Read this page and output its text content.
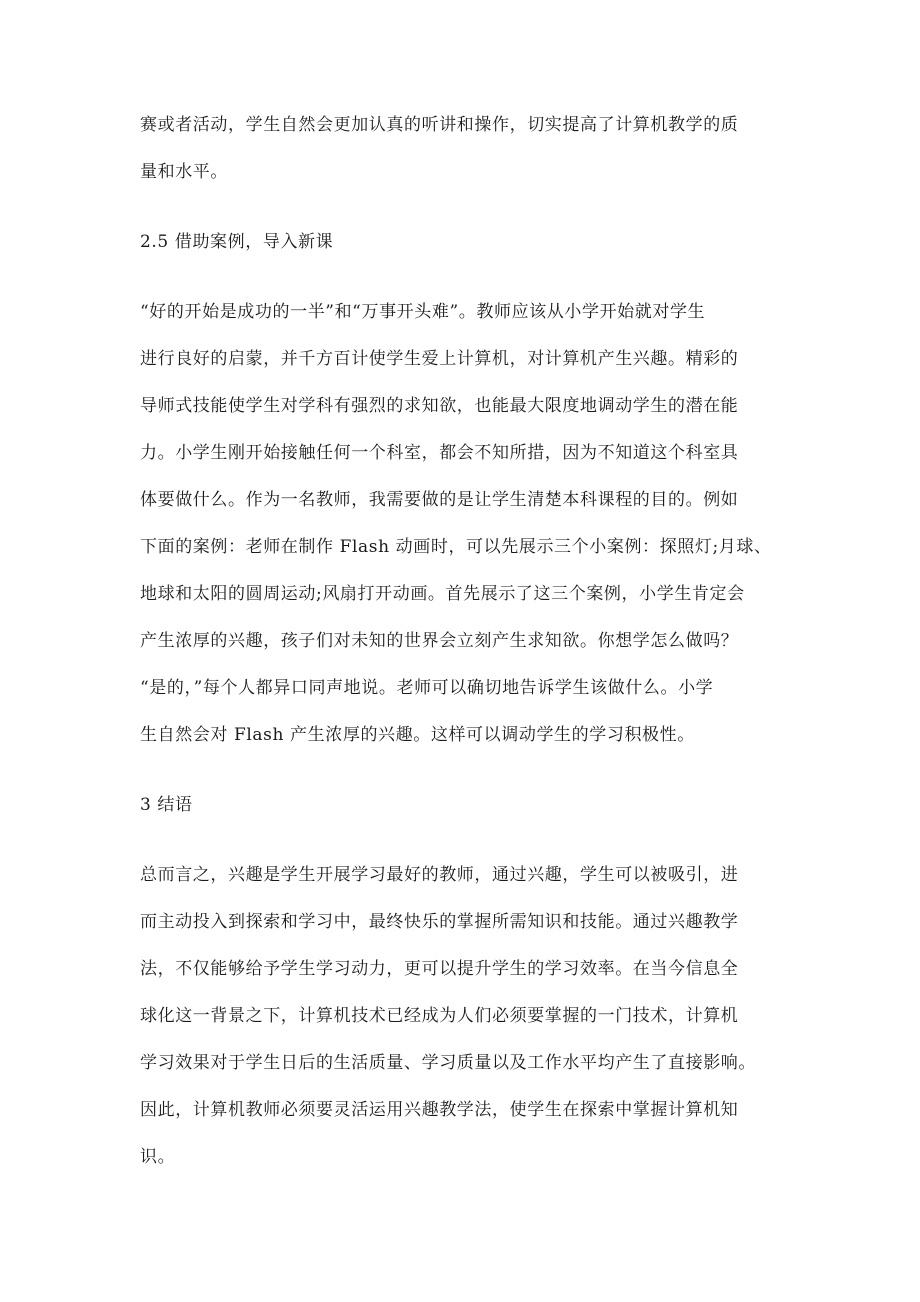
赛或者活动，学生自然会更加认真的听讲和操作，切实提高了计算机教学的质
量和水平。
2.5 借助案例，导入新课
“好的开始是成功的一半”和“万事开头难”。教师应该从小学开始就对学生
进行良好的启蒙，并千方百计使学生爱上计算机，对计算机产生兴趣。精彩的
导师式技能使学生对学科有强烈的求知欲，也能最大限度地调动学生的潜在能
力。小学生刚开始接触任何一个科室，都会不知所措，因为不知道这个科室具
体要做什么。作为一名教师，我需要做的是让学生清楚本科课程的目的。例如
下面的案例：老师在制作 Flash 动画时，可以先展示三个小案例：探照灯;月球、
地球和太阳的圆周运动;风扇打开动画。首先展示了这三个案例，小学生肯定会
产生浓厚的兴趣，孩子们对未知的世界会立刻产生求知欲。你想学怎么做吗？
“是的，”每个人都异口同声地说。老师可以确切地告诉学生该做什么。小学
生自然会对 Flash 产生浓厚的兴趣。这样可以调动学生的学习积极性。
3 结语
总而言之，兴趣是学生开展学习最好的教师，通过兴趣，学生可以被吸引，进
而主动投入到探索和学习中，最终快乐的掌握所需知识和技能。通过兴趣教学
法，不仅能够给予学生学习动力，更可以提升学生的学习效率。在当今信息全
球化这一背景之下，计算机技术已经成为人们必须要掌握的一门技术，计算机
学习效果对于学生日后的生活质量、学习质量以及工作水平均产生了直接影响。
因此，计算机教师必须要灵活运用兴趣教学法，使学生在探索中掌握计算机知
识。
